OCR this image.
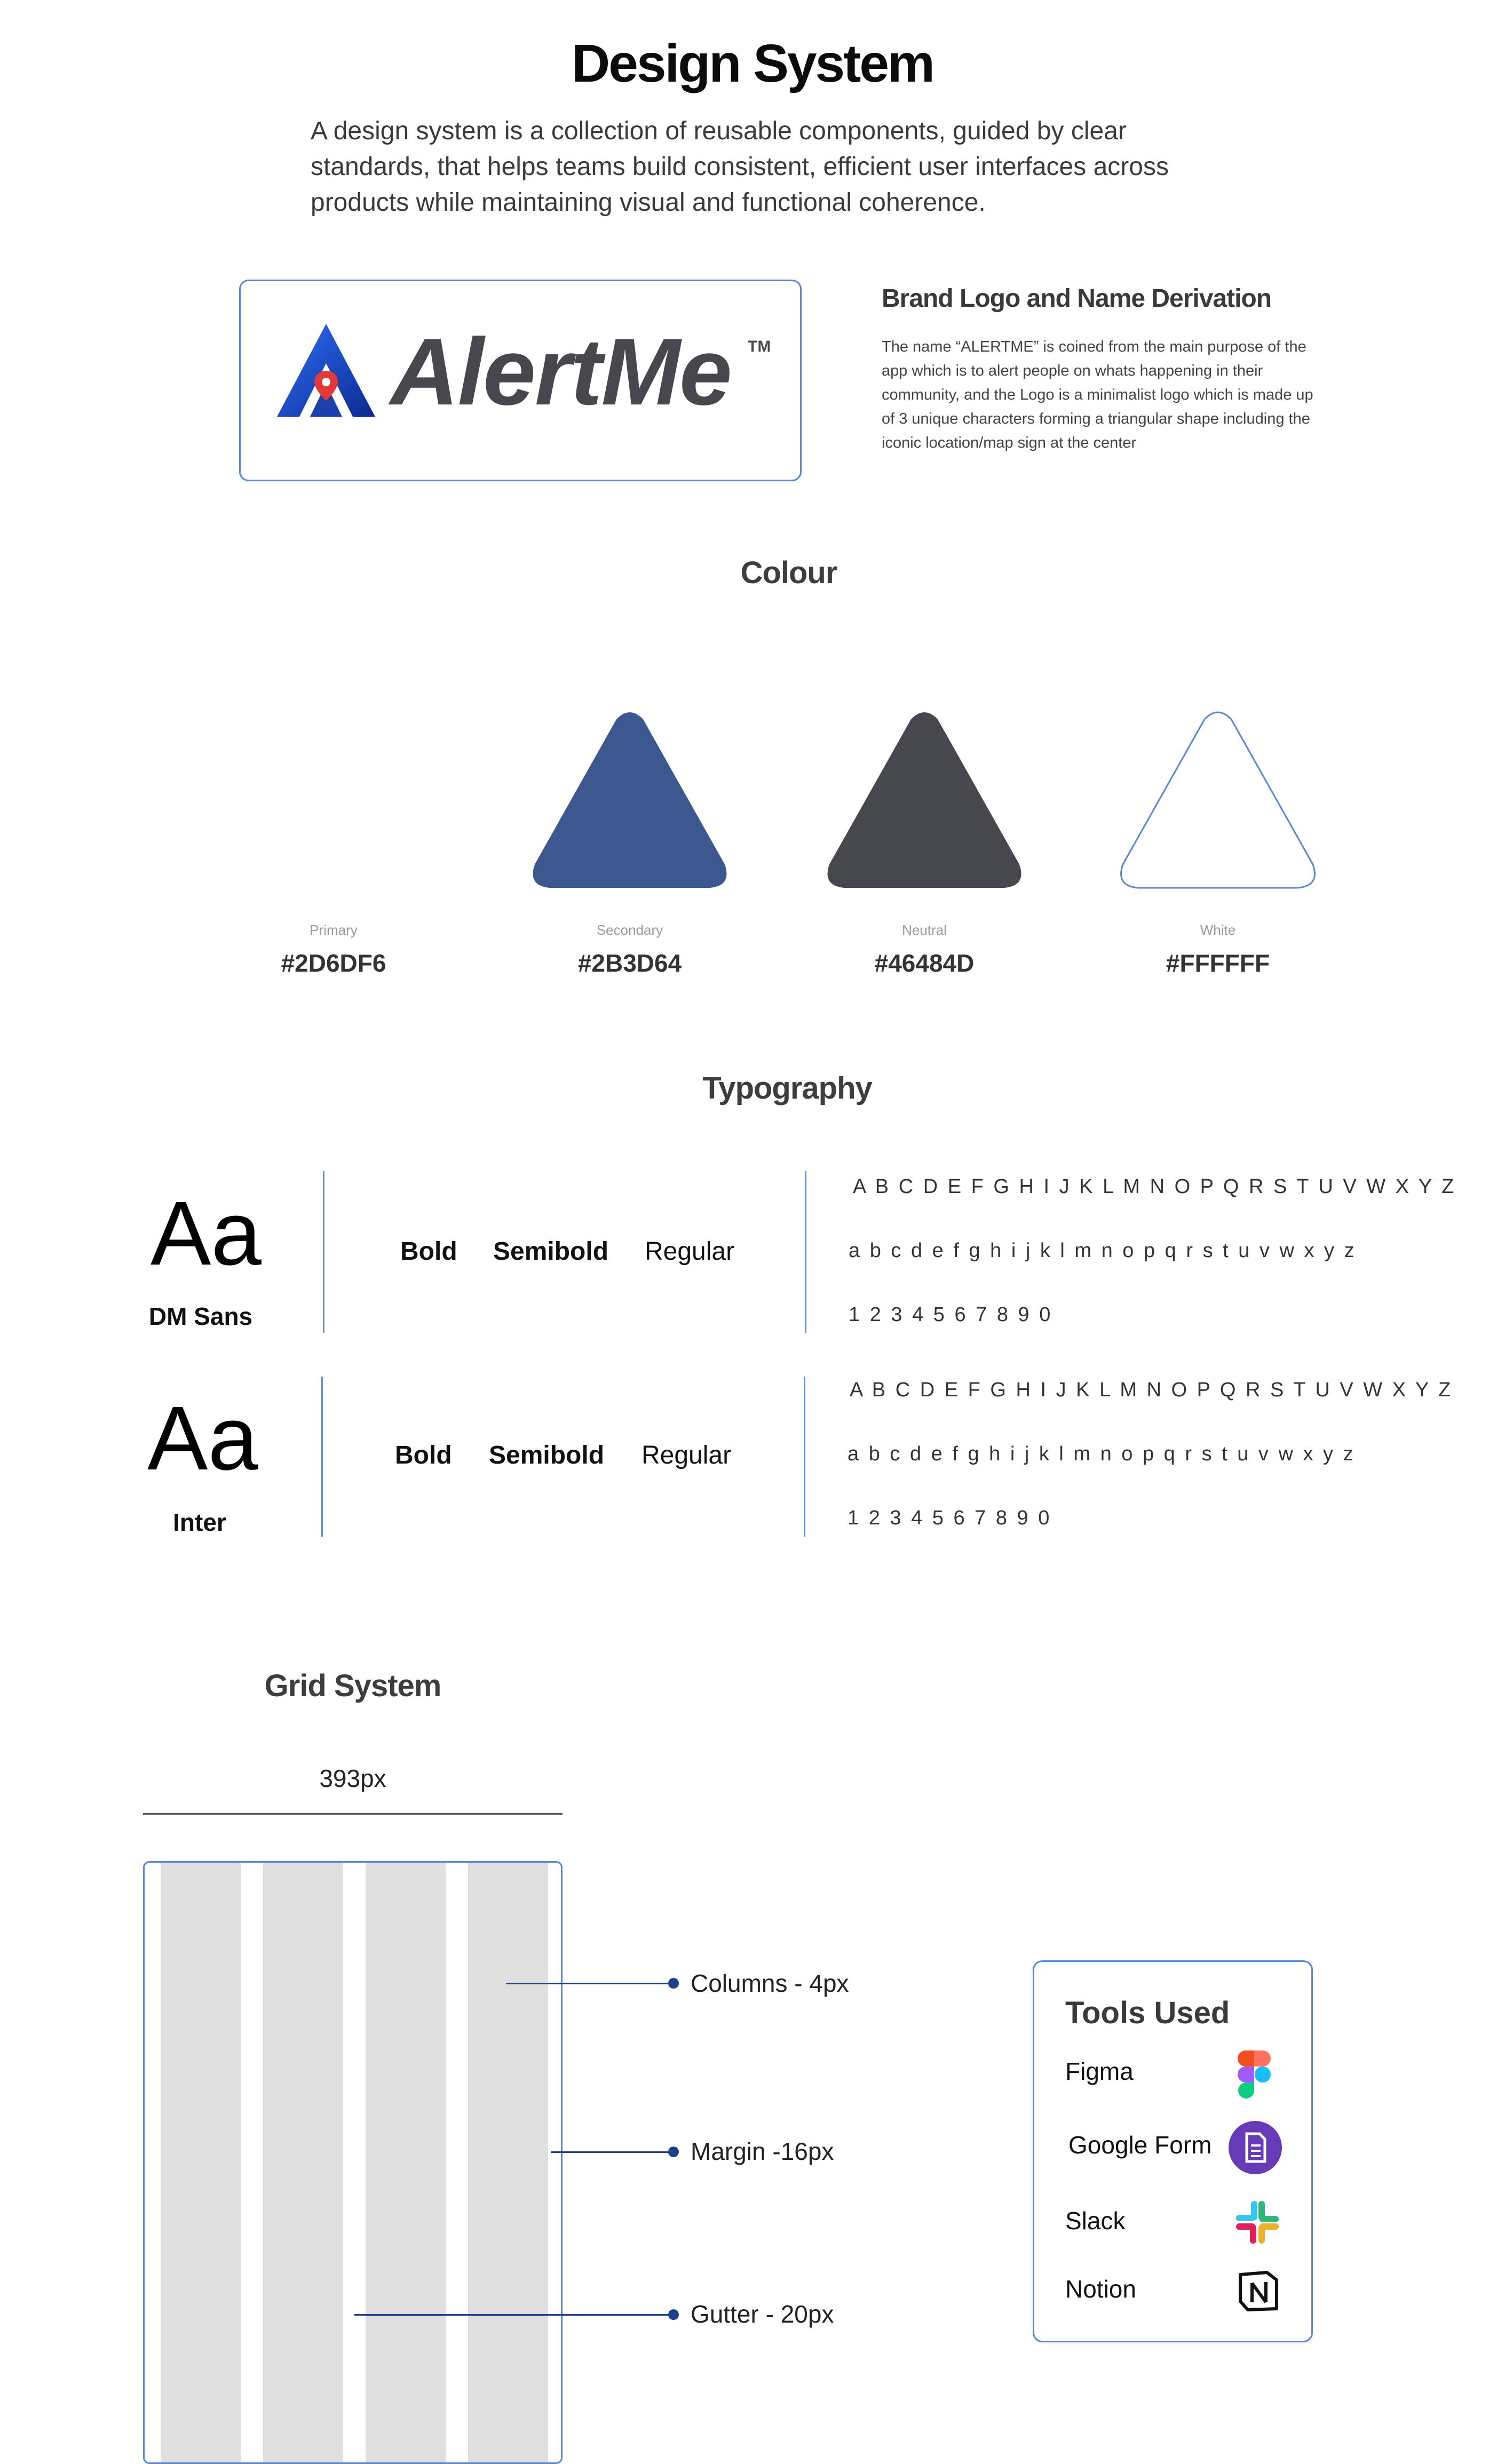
Design System
A design system is a collection of reusable components, guided by clear standards, that helps teams build consistent, efficient user interfaces across products while maintaining visual and functional coherence.
AlertMe TM
Brand Logo and Name Derivation
The name “ALERTME” is coined from the main purpose of the app which is to alert people on whats happening in their community, and the Logo is a minimalist logo which is made up of 3 unique characters forming a triangular shape including the iconic location/map sign at the center
Colour
Primary
#2D6DF6
Secondary
#2B3D64
Neutral
#46484D
White
#FFFFFF
Typography
Aa
DM Sans
Bold Semibold Regular
A B C D E F G H I J K L M N O P Q R S T U V W X Y Z
a b c d e f g h i j k l m n o p q r s t u v w x y z
1 2 3 4 5 6 7 8 9 0
Aa
Inter
Bold Semibold Regular
A B C D E F G H I J K L M N O P Q R S T U V W X Y Z
a b c d e f g h i j k l m n o p q r s t u v w x y z
1 2 3 4 5 6 7 8 9 0
Grid System
393px
Columns - 4px
Margin -16px
Gutter - 20px
Tools Used
Figma
Google Form
Slack
Notion
